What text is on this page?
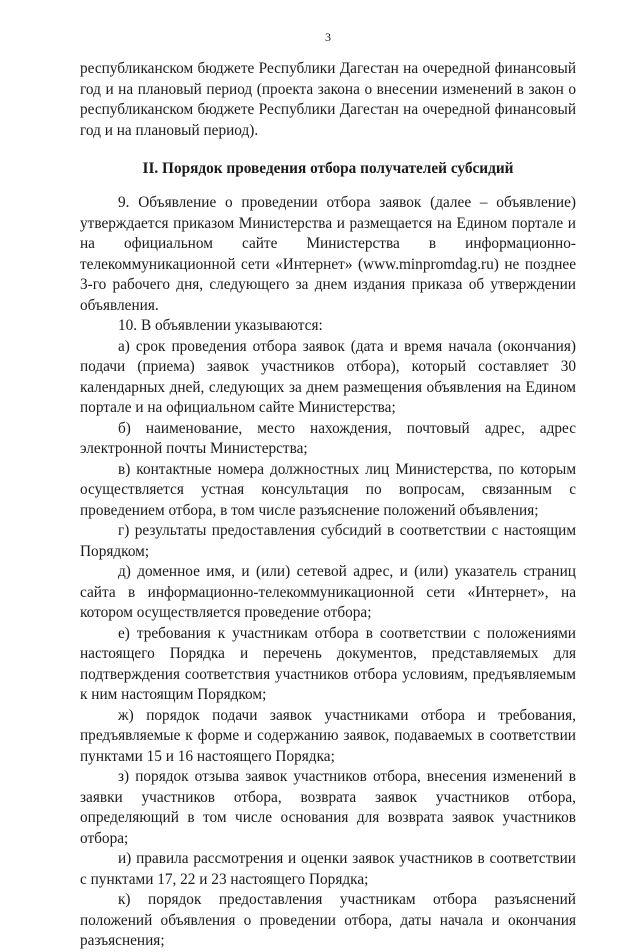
3

республиканском бюджете Республики Дагестан на очередной финансовый год и на плановый период (проекта закона о внесении изменений в закон о республиканском бюджете Республики Дагестан на очередной финансовый год и на плановый период).

II. Порядок проведения отбора получателей субсидий

9. Объявление о проведении отбора заявок (далее – объявление) утверждается приказом Министерства и размещается на Едином портале и на официальном сайте Министерства в информационно-телекоммуникационной сети «Интернет» (www.minpromdag.ru) не позднее 3-го рабочего дня, следующего за днем издания приказа об утверждении объявления.

10. В объявлении указываются:

а) срок проведения отбора заявок (дата и время начала (окончания) подачи (приема) заявок участников отбора), который составляет 30 календарных дней, следующих за днем размещения объявления на Едином портале и на официальном сайте Министерства;

б) наименование, место нахождения, почтовый адрес, адрес электронной почты Министерства;

в) контактные номера должностных лиц Министерства, по которым осуществляется устная консультация по вопросам, связанным с проведением отбора, в том числе разъяснение положений объявления;

г) результаты предоставления субсидий в соответствии с настоящим Порядком;

д) доменное имя, и (или) сетевой адрес, и (или) указатель страниц сайта в информационно-телекоммуникационной сети «Интернет», на котором осуществляется проведение отбора;

е) требования к участникам отбора в соответствии с положениями настоящего Порядка и перечень документов, представляемых для подтверждения соответствия участников отбора условиям, предъявляемым к ним настоящим Порядком;

ж) порядок подачи заявок участниками отбора и требования, предъявляемые к форме и содержанию заявок, подаваемых в соответствии пунктами 15 и 16 настоящего Порядка;

з) порядок отзыва заявок участников отбора, внесения изменений в заявки участников отбора, возврата заявок участников отбора, определяющий в том числе основания для возврата заявок участников отбора;

и) правила рассмотрения и оценки заявок участников в соответствии с пунктами 17, 22 и 23 настоящего Порядка;

к) порядок предоставления участникам отбора разъяснений положений объявления о проведении отбора, даты начала и окончания разъяснения;
